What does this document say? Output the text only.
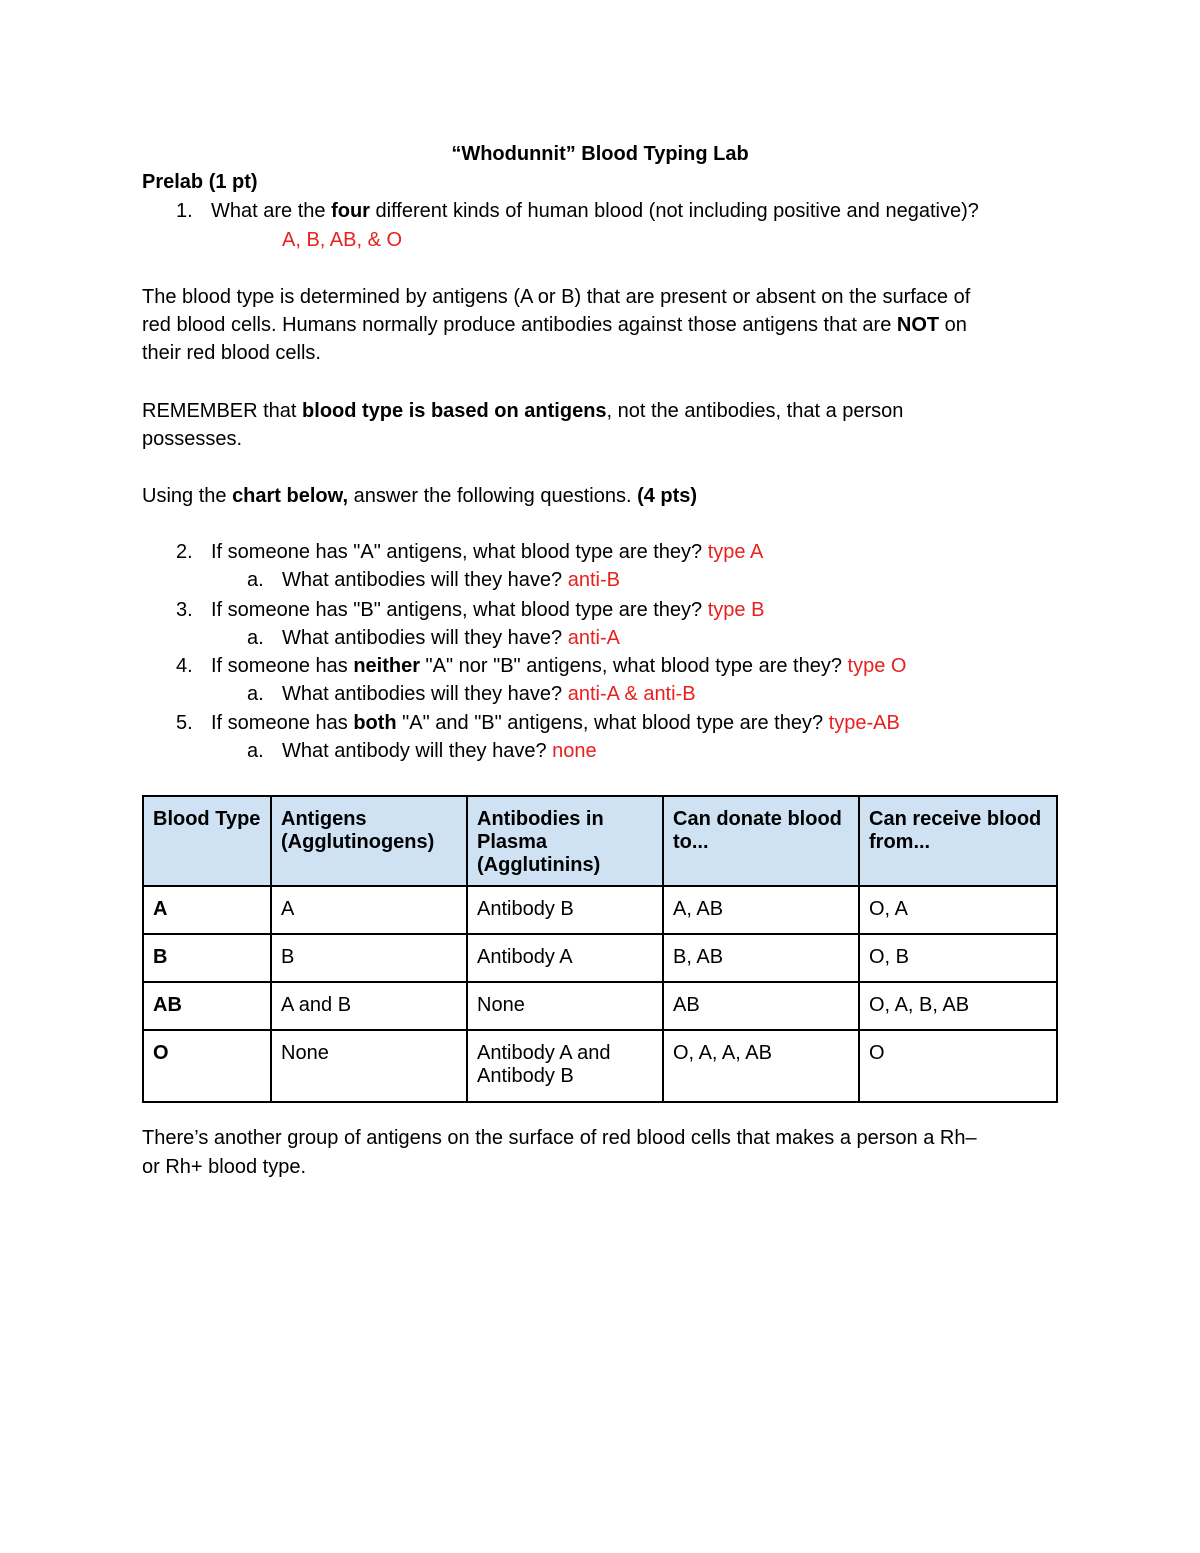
“Whodunnit” Blood Typing Lab
Prelab (1 pt)
1. What are the four different kinds of human blood (not including positive and negative)?
A, B, AB, & O
The blood type is determined by antigens (A or B) that are present or absent on the surface of
red blood cells. Humans normally produce antibodies against those antigens that are NOT on
their red blood cells.
REMEMBER that blood type is based on antigens, not the antibodies, that a person
possesses.
Using the chart below, answer the following questions. (4 pts)
2. If someone has "A" antigens, what blood type are they? type A
a. What antibodies will they have? anti-B
3. If someone has "B" antigens, what blood type are they? type B
a. What antibodies will they have? anti-A
4. If someone has neither "A" nor "B" antigens, what blood type are they? type O
a. What antibodies will they have? anti-A & anti-B
5. If someone has both "A" and "B" antigens, what blood type are they? type-AB
a. What antibody will they have? none
Blood Type	Antigens (Agglutinogens)	Antibodies in Plasma (Agglutinins)	Can donate blood to...	Can receive blood from...
A	A	Antibody B	A, AB	O, A
B	B	Antibody A	B, AB	O, B
AB	A and B	None	AB	O, A, B, AB
O	None	Antibody A and Antibody B	O, A, A, AB	O
There’s another group of antigens on the surface of red blood cells that makes a person a Rh–
or Rh+ blood type.
